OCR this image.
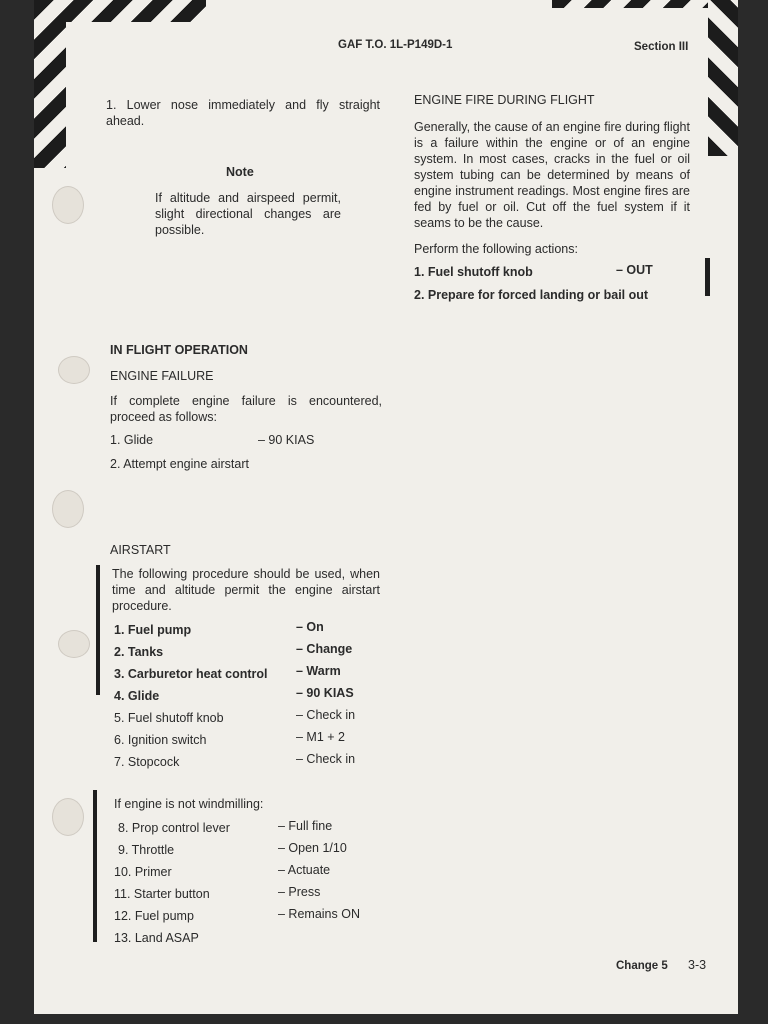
GAF T.O. 1L-P149D-1	Section III
1. Lower nose immediately and fly straight ahead.
Note
If altitude and airspeed permit, slight directional changes are possible.
IN FLIGHT OPERATION
ENGINE FAILURE
If complete engine failure is encountered, proceed as follows:
1. Glide	– 90 KIAS
2. Attempt engine airstart
AIRSTART
The following procedure should be used, when time and altitude permit the engine airstart procedure.
1. Fuel pump	– On
2. Tanks	– Change
3. Carburetor heat control – Warm
4. Glide	– 90 KIAS
5. Fuel shutoff knob	– Check in
6. Ignition switch	– M1 + 2
7. Stopcock	– Check in
If engine is not windmilling:
8. Prop control lever	– Full fine
9. Throttle	– Open 1/10
10. Primer	– Actuate
11. Starter button	– Press
12. Fuel pump	– Remains ON
13. Land ASAP
ENGINE FIRE DURING FLIGHT
Generally, the cause of an engine fire during flight is a failure within the engine or of an engine system. In most cases, cracks in the fuel or oil system tubing can be determined by means of engine instrument readings. Most engine fires are fed by fuel or oil. Cut off the fuel system if it seams to be the cause.
Perform the following actions:
1. Fuel shutoff knob	– OUT
2. Prepare for forced landing or bail out
Change 5 3-3
